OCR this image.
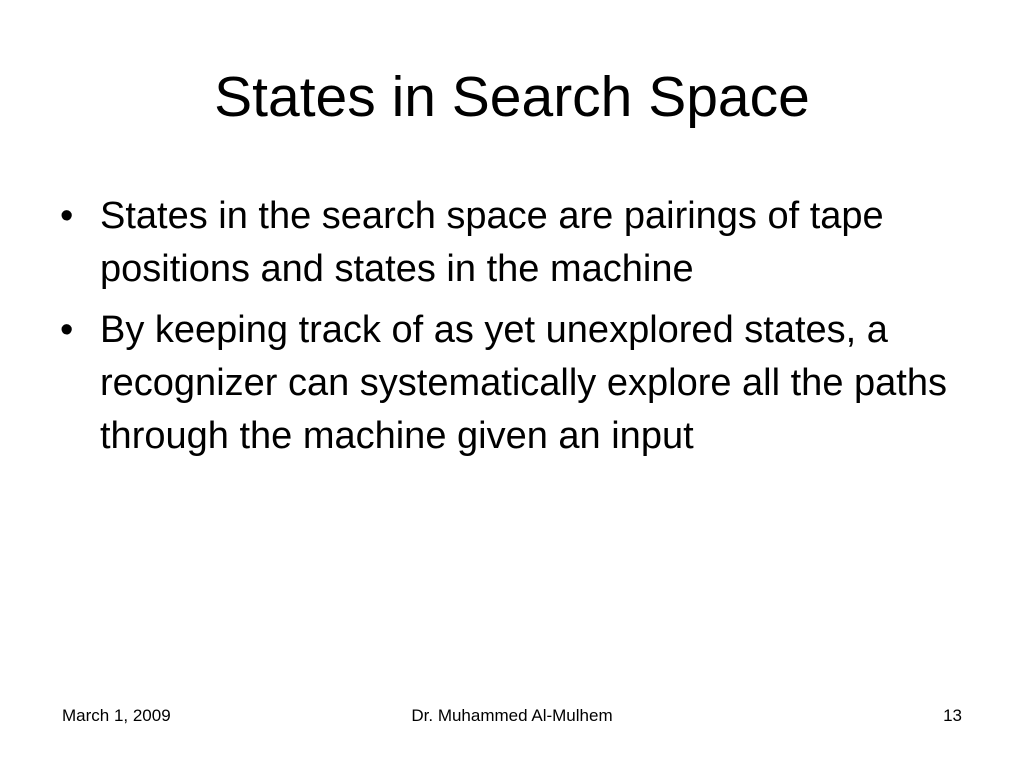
States in Search Space
• States in the search space are pairings of tape positions and states in the machine
• By keeping track of as yet unexplored states, a recognizer can systematically explore all the paths through the machine given an input
March 1, 2009	Dr. Muhammed Al-Mulhem	13
